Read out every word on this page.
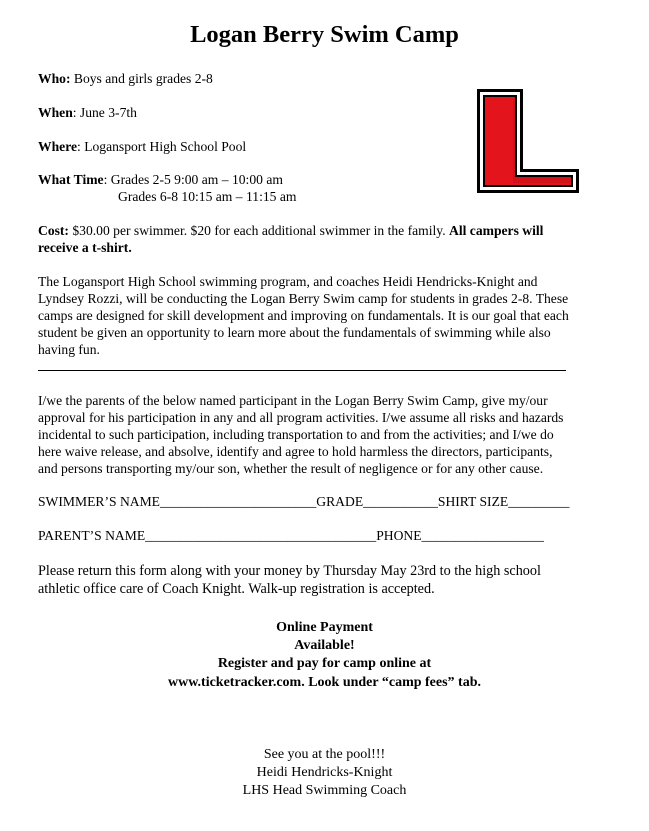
Logan Berry Swim Camp
Who: Boys and girls grades 2-8
When: June 3-7th
Where: Logansport High School Pool
What Time: Grades 2-5 9:00 am – 10:00 am
Grades 6-8 10:15 am – 11:15 am
Cost: $30.00 per swimmer. $20 for each additional swimmer in the family. All campers will
receive a t-shirt.
The Logansport High School swimming program, and coaches Heidi Hendricks-Knight and
Lyndsey Rozzi, will be conducting the Logan Berry Swim camp for students in grades 2-8. These
camps are designed for skill development and improving on fundamentals. It is our goal that each
student be given an opportunity to learn more about the fundamentals of swimming while also
having fun.
I/we the parents of the below named participant in the Logan Berry Swim Camp, give my/our
approval for his participation in any and all program activities. I/we assume all risks and hazards
incidental to such participation, including transportation to and from the activities; and I/we do
here waive release, and absolve, identify and agree to hold harmless the directors, participants,
and persons transporting my/our son, whether the result of negligence or for any other cause.
SWIMMER’S NAME_______________________GRADE___________SHIRT SIZE_________
PARENT’S NAME__________________________________PHONE__________________
Please return this form along with your money by Thursday May 23rd to the high school
athletic office care of Coach Knight. Walk-up registration is accepted.
Online Payment
Available!
Register and pay for camp online at
www.ticketracker.com. Look under “camp fees” tab.
See you at the pool!!!
Heidi Hendricks-Knight
LHS Head Swimming Coach
